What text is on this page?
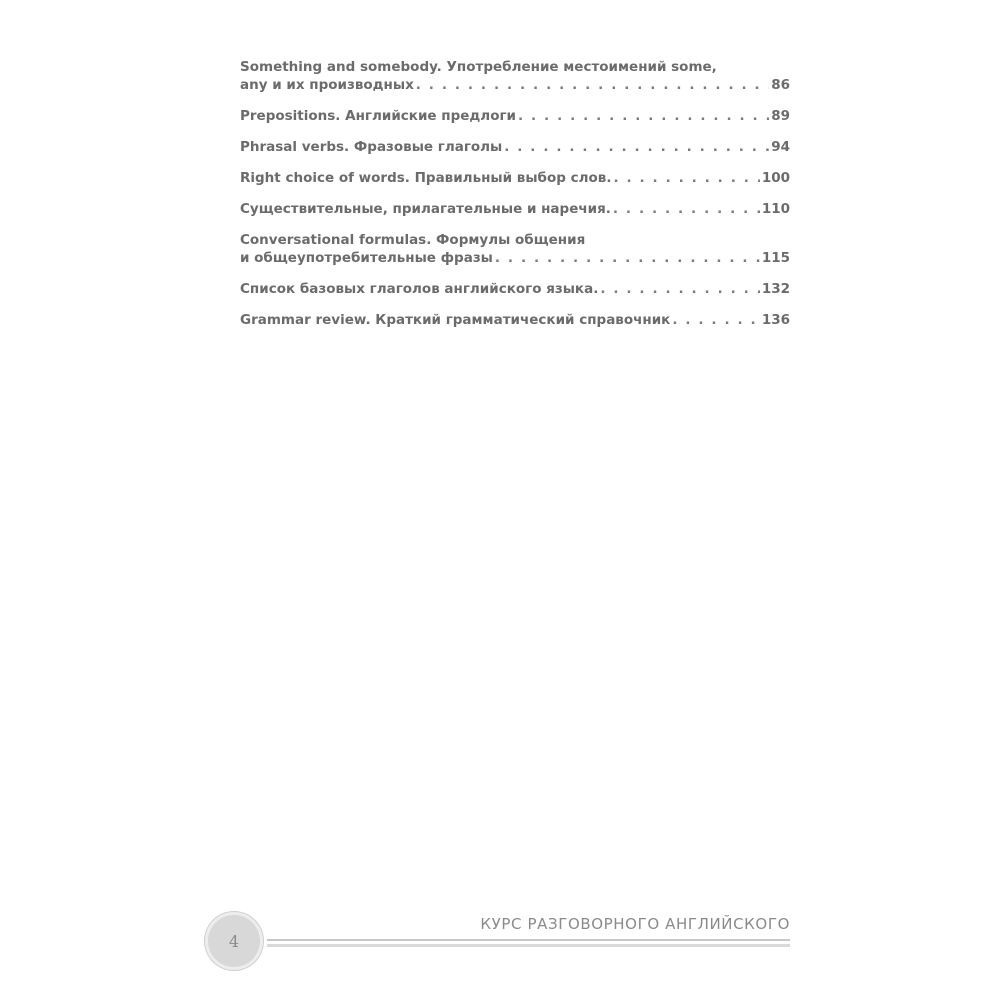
Something and somebody. Употребление местоимений some,
any и их производных . . .	86
Prepositions. Английские предлоги . . .	89
Phrasal verbs. Фразовые глаголы . . .	94
Right choice of words. Правильный выбор слов. . . .	100
Существительные, прилагательные и наречия. . . .	110
Conversational formulas. Формулы общения
и общеупотребительные фразы . . .	115
Список базовых глаголов английского языка. . . .	132
Grammar review. Краткий грамматический справочник . . .	136
4
КУРС РАЗГОВОРНОГО АНГЛИЙСКОГО
